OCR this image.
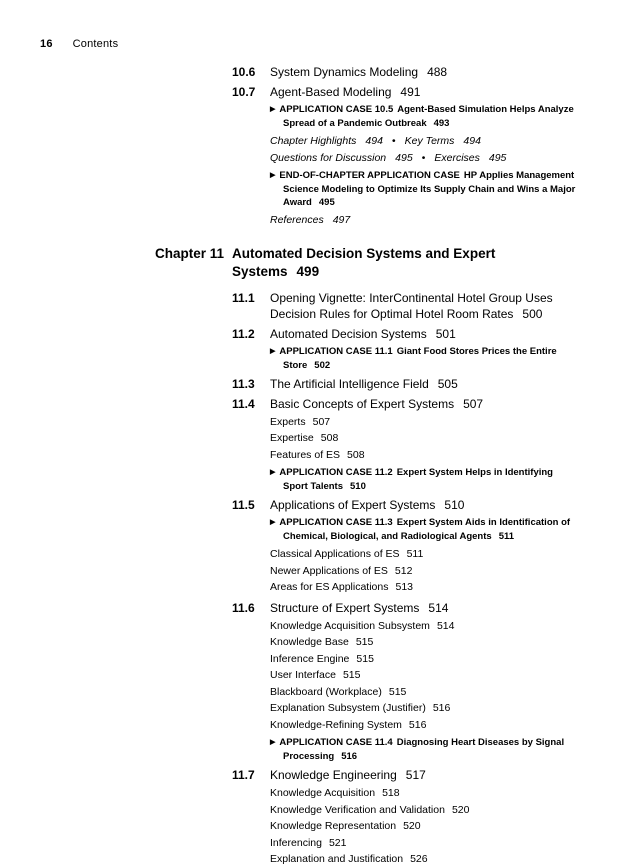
16 Contents
10.6	System Dynamics Modeling 488
10.7	Agent-Based Modeling 491
▶ APPLICATION CASE 10.5 Agent-Based Simulation Helps Analyze Spread of a Pandemic Outbreak 493
Chapter Highlights 494 • Key Terms 494
Questions for Discussion 495 • Exercises 495
▶ END-OF-CHAPTER APPLICATION CASE HP Applies Management Science Modeling to Optimize Its Supply Chain and Wins a Major Award 495
References 497
Chapter 11 Automated Decision Systems and Expert Systems 499
11.1	Opening Vignette: InterContinental Hotel Group Uses Decision Rules for Optimal Hotel Room Rates 500
11.2	Automated Decision Systems 501
▶ APPLICATION CASE 11.1 Giant Food Stores Prices the Entire Store 502
11.3	The Artificial Intelligence Field 505
11.4	Basic Concepts of Expert Systems 507
Experts 507
Expertise 508
Features of ES 508
▶ APPLICATION CASE 11.2 Expert System Helps in Identifying Sport Talents 510
11.5	Applications of Expert Systems 510
▶ APPLICATION CASE 11.3 Expert System Aids in Identification of Chemical, Biological, and Radiological Agents 511
Classical Applications of ES 511
Newer Applications of ES 512
Areas for ES Applications 513
11.6	Structure of Expert Systems 514
Knowledge Acquisition Subsystem 514
Knowledge Base 515
Inference Engine 515
User Interface 515
Blackboard (Workplace) 515
Explanation Subsystem (Justifier) 516
Knowledge-Refining System 516
▶ APPLICATION CASE 11.4 Diagnosing Heart Diseases by Signal Processing 516
11.7	Knowledge Engineering 517
Knowledge Acquisition 518
Knowledge Verification and Validation 520
Knowledge Representation 520
Inferencing 521
Explanation and Justification 526
